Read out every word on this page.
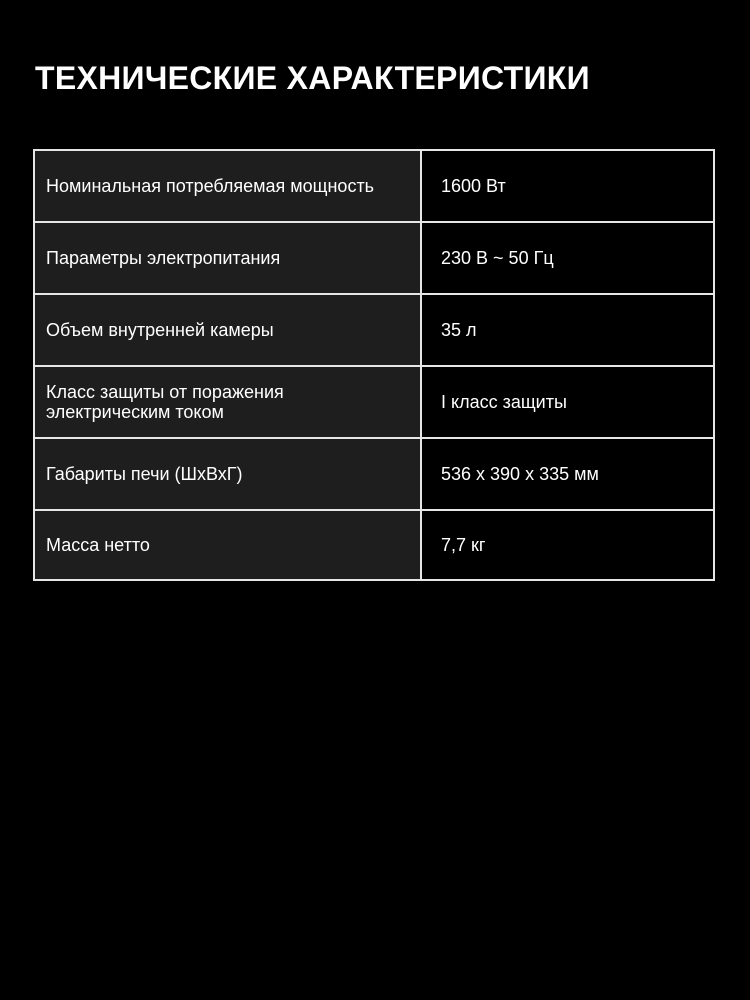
ТЕХНИЧЕСКИЕ ХАРАКТЕРИСТИКИ
Номинальная потребляемая мощность	1600 Вт
Параметры электропитания	230 В ~ 50 Гц
Объем внутренней камеры	35 л
Класс защиты от поражения электрическим током	I класс защиты
Габариты печи (ШхВхГ)	536 х 390 х 335 мм
Масса нетто	7,7 кг
